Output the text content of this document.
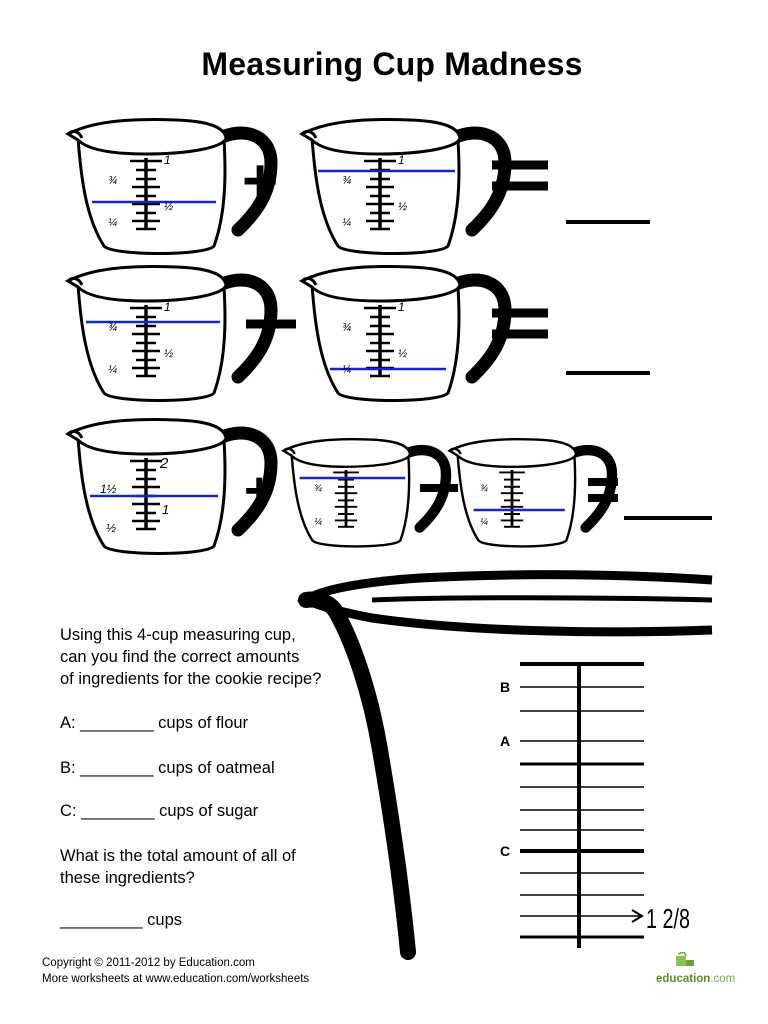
Measuring Cup Madness
1
¾
½
¼
+	1
¾
½
¼
1
¾
½
¼
1
¾
½
¼
2
1½
1
½
+	¾
¼
¾
¼
B
A
C
1 2/8
Using this 4-cup measuring cup,
can you find the correct amounts
of ingredients for the cookie recipe?
A: ________ cups of flour
B: ________ cups of oatmeal
C: ________ cups of sugar
What is the total amount of all of
these ingredients?
_________ cups
Copyright © 2011-2012 by Education.com
More worksheets at www.education.com/worksheets	education.com
